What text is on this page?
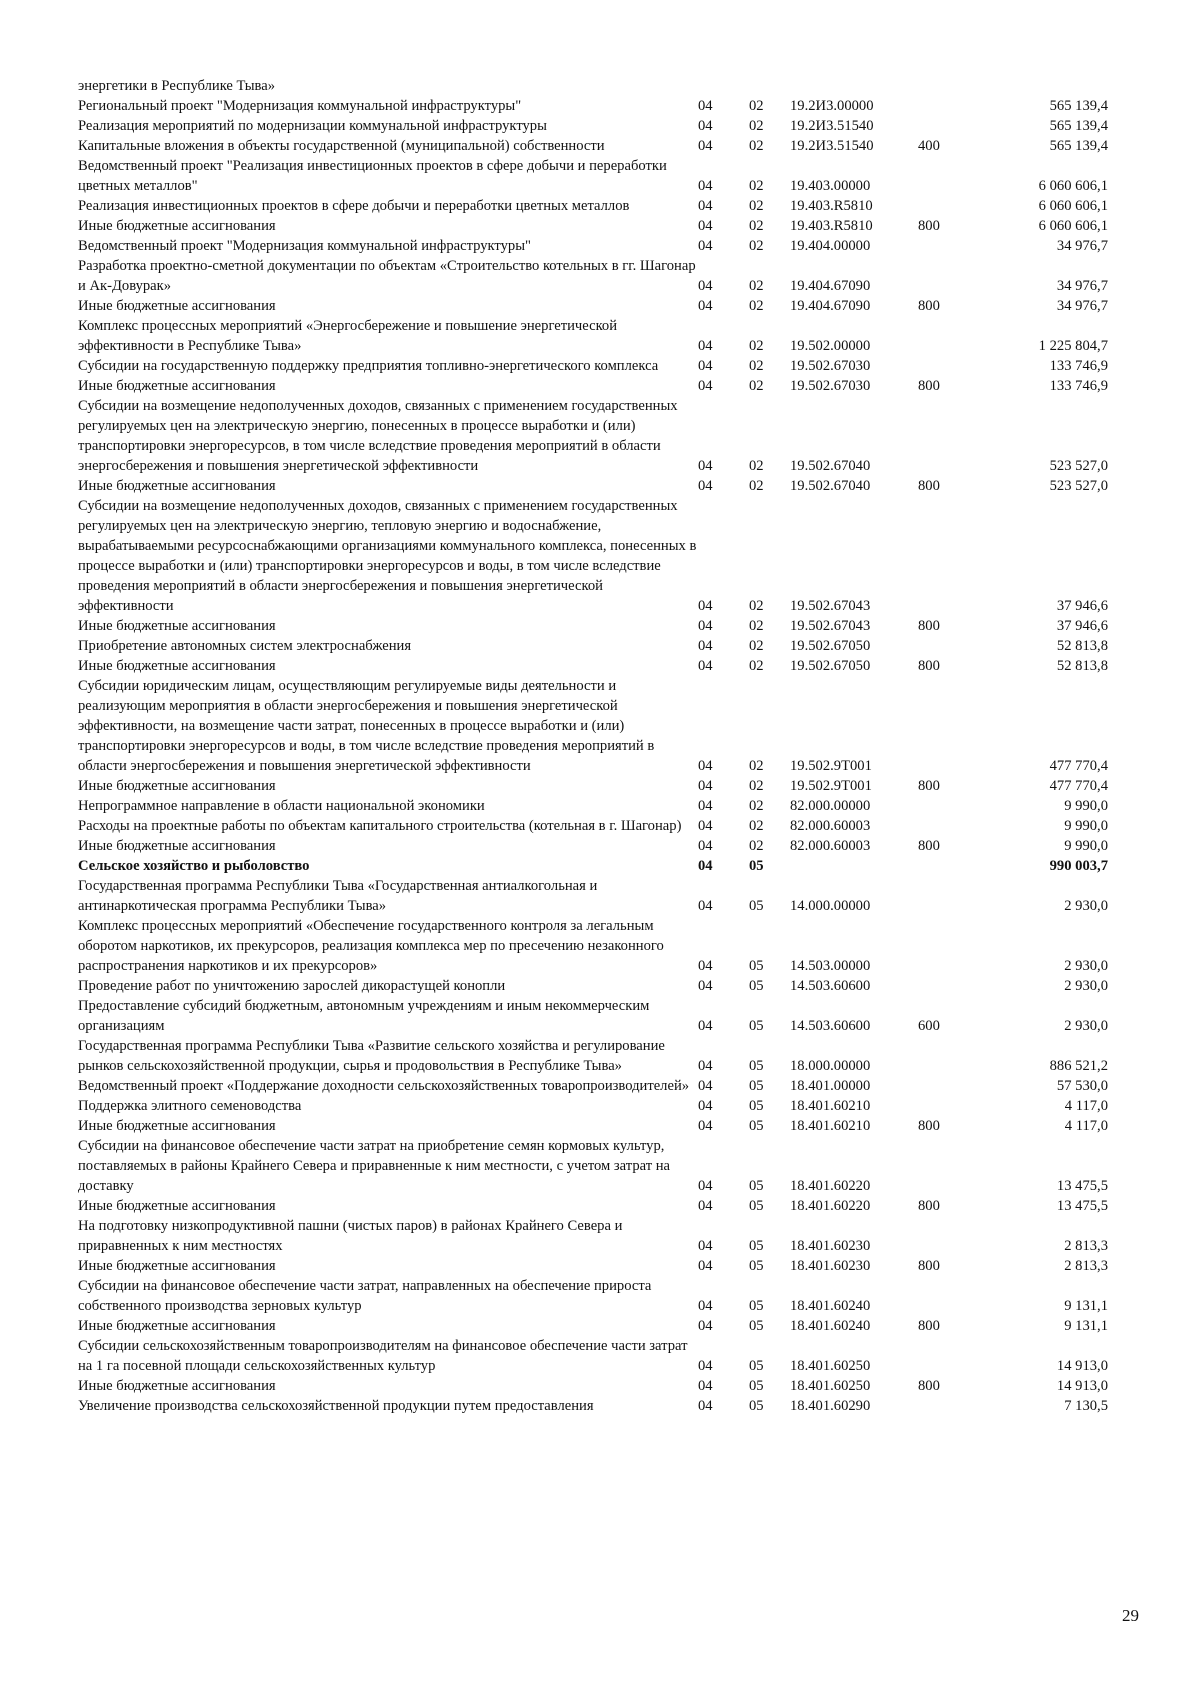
энергетики в Республике Тыва»					
Региональный проект "Модернизация коммунальной инфраструктуры"	04	02	19.2И3.00000		565 139,4
Реализация мероприятий по модернизации коммунальной инфраструктуры	04	02	19.2И3.51540		565 139,4
Капитальные вложения в объекты государственной (муниципальной) собственности	04	02	19.2И3.51540	400	565 139,4
Ведомственный проект "Реализация инвестиционных проектов в сфере добычи и переработки цветных металлов"	04	02	19.403.00000		6 060 606,1
Реализация инвестиционных проектов в сфере добычи и переработки цветных металлов	04	02	19.403.R5810		6 060 606,1
Иные бюджетные ассигнования	04	02	19.403.R5810	800	6 060 606,1
Ведомственный проект "Модернизация коммунальной инфраструктуры"	04	02	19.404.00000		34 976,7
Разработка проектно-сметной документации по объектам «Строительство котельных в гг. Шагонар и Ак-Довурак»	04	02	19.404.67090		34 976,7
Иные бюджетные ассигнования	04	02	19.404.67090	800	34 976,7
Комплекс процессных мероприятий «Энергосбережение и повышение энергетической эффективности в Республике Тыва»	04	02	19.502.00000		1 225 804,7
Субсидии на государственную поддержку предприятия топливно-энергетического комплекса	04	02	19.502.67030		133 746,9
Иные бюджетные ассигнования	04	02	19.502.67030	800	133 746,9
Субсидии на возмещение недополученных доходов, связанных с применением государственных регулируемых цен на электрическую энергию, понесенных в процессе выработки и (или) транспортировки энергоресурсов, в том числе вследствие проведения мероприятий в области энергосбережения и повышения энергетической эффективности	04	02	19.502.67040		523 527,0
Иные бюджетные ассигнования	04	02	19.502.67040	800	523 527,0
Субсидии на возмещение недополученных доходов, связанных с применением государственных регулируемых цен на электрическую энергию, тепловую энергию и водоснабжение, вырабатываемыми ресурсоснабжающими организациями коммунального комплекса, понесенных в процессе выработки и (или) транспортировки энергоресурсов и воды, в том числе вследствие проведения мероприятий в области энергосбережения и повышения энергетической эффективности	04	02	19.502.67043		37 946,6
Иные бюджетные ассигнования	04	02	19.502.67043	800	37 946,6
Приобретение автономных систем электроснабжения	04	02	19.502.67050		52 813,8
Иные бюджетные ассигнования	04	02	19.502.67050	800	52 813,8
Субсидии юридическим лицам, осуществляющим регулируемые виды деятельности и реализующим мероприятия в области энергосбережения и повышения энергетической эффективности, на возмещение части затрат, понесенных в процессе выработки и (или) транспортировки энергоресурсов и воды, в том числе вследствие проведения мероприятий в области энергосбережения и повышения энергетической эффективности	04	02	19.502.9T001		477 770,4
Иные бюджетные ассигнования	04	02	19.502.9T001	800	477 770,4
Непрограммное направление в области национальной экономики	04	02	82.000.00000		9 990,0
Расходы на проектные работы по объектам капитального строительства (котельная в г. Шагонар)	04	02	82.000.60003		9 990,0
Иные бюджетные ассигнования	04	02	82.000.60003	800	9 990,0
Сельское хозяйство и рыболовство	04	05			990 003,7
Государственная программа Республики Тыва «Государственная антиалкогольная и антинаркотическая программа Республики Тыва»	04	05	14.000.00000		2 930,0
Комплекс процессных мероприятий «Обеспечение государственного контроля за легальным оборотом наркотиков, их прекурсоров, реализация комплекса мер по пресечению незаконного распространения наркотиков и их прекурсоров»	04	05	14.503.00000		2 930,0
Проведение работ по уничтожению зарослей дикорастущей конопли	04	05	14.503.60600		2 930,0
Предоставление субсидий бюджетным, автономным учреждениям и иным некоммерческим организациям	04	05	14.503.60600	600	2 930,0
Государственная программа Республики Тыва «Развитие сельского хозяйства и регулирование рынков сельскохозяйственной продукции, сырья и продовольствия в Республике Тыва»	04	05	18.000.00000		886 521,2
Ведомственный проект «Поддержание доходности сельскохозяйственных товаропроизводителей»	04	05	18.401.00000		57 530,0
Поддержка элитного семеноводства	04	05	18.401.60210		4 117,0
Иные бюджетные ассигнования	04	05	18.401.60210	800	4 117,0
Субсидии на финансовое обеспечение части затрат на приобретение семян кормовых культур, поставляемых в районы Крайнего Севера и приравненные к ним местности, с учетом затрат на доставку	04	05	18.401.60220		13 475,5
Иные бюджетные ассигнования	04	05	18.401.60220	800	13 475,5
На подготовку низкопродуктивной пашни (чистых паров) в районах Крайнего Севера и приравненных к ним местностях	04	05	18.401.60230		2 813,3
Иные бюджетные ассигнования	04	05	18.401.60230	800	2 813,3
Субсидии на финансовое обеспечение части затрат, направленных на обеспечение прироста собственного производства зерновых культур	04	05	18.401.60240		9 131,1
Иные бюджетные ассигнования	04	05	18.401.60240	800	9 131,1
Субсидии сельскохозяйственным товаропроизводителям на финансовое обеспечение части затрат на 1 га посевной площади сельскохозяйственных культур	04	05	18.401.60250		14 913,0
Иные бюджетные ассигнования	04	05	18.401.60250	800	14 913,0
Увеличение производства сельскохозяйственной продукции путем предоставления	04	05	18.401.60290		7 130,5
29
